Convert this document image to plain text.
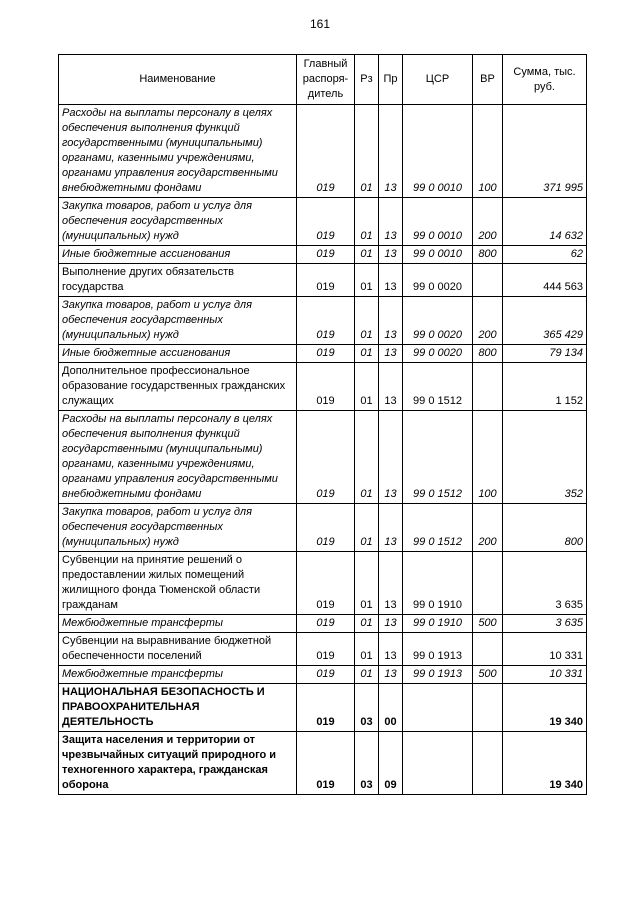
161
Наименование	Главный распоря-дитель	Рз	Пр	ЦСР	ВР	Сумма, тыс. руб.
Расходы на выплаты персоналу в целях обеспечения выполнения функций государственными (муниципальными) органами, казенными учреждениями, органами управления государственными внебюджетными фондами	019	01	13	99 0 0010	100	371 995
Закупка товаров, работ и услуг для обеспечения государственных (муниципальных) нужд	019	01	13	99 0 0010	200	14 632
Иные бюджетные ассигнования	019	01	13	99 0 0010	800	62
Выполнение других обязательств государства	019	01	13	99 0 0020		444 563
Закупка товаров, работ и услуг для обеспечения государственных (муниципальных) нужд	019	01	13	99 0 0020	200	365 429
Иные бюджетные ассигнования	019	01	13	99 0 0020	800	79 134
Дополнительное профессиональное образование государственных гражданских служащих	019	01	13	99 0 1512		1 152
Расходы на выплаты персоналу в целях обеспечения выполнения функций государственными (муниципальными) органами, казенными учреждениями, органами управления государственными внебюджетными фондами	019	01	13	99 0 1512	100	352
Закупка товаров, работ и услуг для обеспечения государственных (муниципальных) нужд	019	01	13	99 0 1512	200	800
Субвенции на принятие решений о предоставлении жилых помещений жилищного фонда Тюменской области гражданам	019	01	13	99 0 1910		3 635
Межбюджетные трансферты	019	01	13	99 0 1910	500	3 635
Субвенции на выравнивание бюджетной обеспеченности поселений	019	01	13	99 0 1913		10 331
Межбюджетные трансферты	019	01	13	99 0 1913	500	10 331
НАЦИОНАЛЬНАЯ БЕЗОПАСНОСТЬ И ПРАВООХРАНИТЕЛЬНАЯ ДЕЯТЕЛЬНОСТЬ	019	03	00			19 340
Защита населения и территории от чрезвычайных ситуаций природного и техногенного характера, гражданская оборона	019	03	09			19 340
